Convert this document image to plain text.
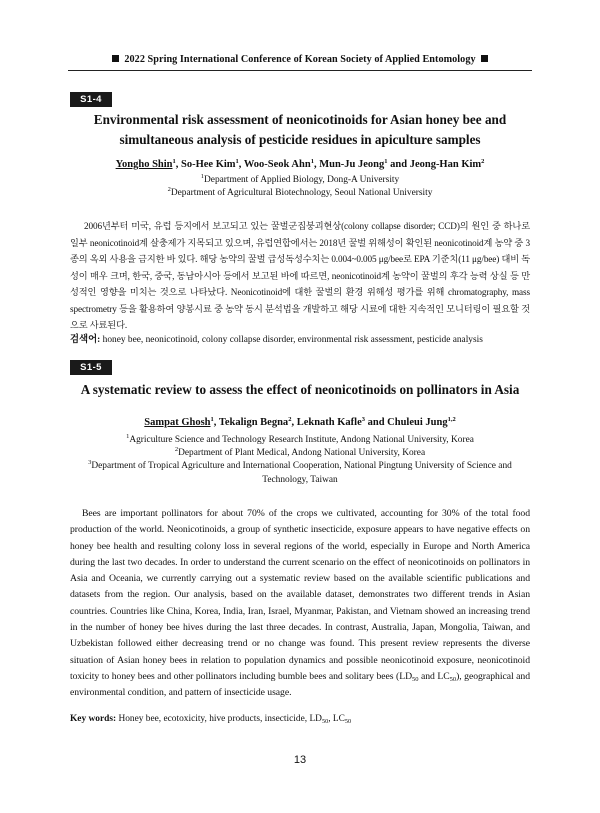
2022 Spring International Conference of Korean Society of Applied Entomology
S1-4
Environmental risk assessment of neonicotinoids for Asian honey bee and
simultaneous analysis of pesticide residues in apiculture samples
Yongho Shin$^1$, So-Hee Kim$^1$, Woo-Seok Ahn$^1$, Mun-Ju Jeong$^1$ and Jeong-Han Kim$^2$
$^1$Department of Applied Biology, Dong-A University
$^2$Department of Agricultural Biotechnology, Seoul National University
2006년부터 미국, 유럽 등지에서 보고되고 있는 꿀벌군집붕괴현상(colony collapse disorder; CCD)의 원인 중 하나로 일부 neonicotinoid계 살충제가 지목되고 있으며, 유럽연합에서는 2018년 꿀벌 위해성이 확인된 neonicotinoid계 농약 중 3종의 옥외 사용을 금지한 바 있다. 해당 농약의 꿀벌 급성독성수치는 0.004~0.005 μg/bee로 EPA 기준치(11 μg/bee) 대비 독성이 매우 크며, 한국, 중국, 동남아시아 등에서 보고된 바에 따르면, neonicotinoid계 농약이 꿀벌의 후각 능력 상실 등 만성적인 영향을 미치는 것으로 나타났다. Neonicotinoid에 대한 꿀벌의 환경 위해성 평가를 위해 chromatography, mass spectrometry 등을 활용하여 양봉시료 중 농약 동시 분석법을 개발하고 해당 시료에 대한 지속적인 모니터링이 필요할 것으로 사료된다.
검색어: honey bee, neonicotinoid, colony collapse disorder, environmental risk assessment, pesticide analysis
S1-5
A systematic review to assess the effect of neonicotinoids on pollinators in Asia
Sampat Ghosh$^1$, Tekalign Begna$^2$, Leknath Kafle$^3$ and Chuleui Jung$^{1,2}$
$^1$Agriculture Science and Technology Research Institute, Andong National University, Korea
$^2$Department of Plant Medical, Andong National University, Korea
$^3$Department of Tropical Agriculture and International Cooperation, National Pingtung University of Science and Technology, Taiwan
Bees are important pollinators for about 70% of the crops we cultivated, accounting for 30% of the total food production of the world. Neonicotinoids, a group of synthetic insecticide, exposure appears to have negative effects on honey bee health and resulting colony loss in several regions of the world, especially in Europe and North America during the last two decades. In order to understand the current scenario on the effect of neonicotinoids on pollinators in Asia and Oceania, we currently carrying out a systematic review based on the available scientific publications and datasets from the region. Our analysis, based on the available dataset, demonstrates two different trends in Asian countries. Countries like China, Korea, India, Iran, Israel, Myanmar, Pakistan, and Vietnam showed an increasing trend in the number of honey bee hives during the last three decades. In contrast, Australia, Japan, Mongolia, Taiwan, and Uzbekistan followed either decreasing trend or no change was found. This present review represents the diverse situation of Asian honey bees in relation to population dynamics and possible neonicotinoid exposure, neonicotinoid toxicity to honey bees and other pollinators including bumble bees and solitary bees ($LD_{50}$ and $LC_{50}$), geographical and environmental condition, and pattern of insecticide usage.
Key words: Honey bee, ecotoxicity, hive products, insecticide, $LD_{50}$, $LC_{50}$
13
